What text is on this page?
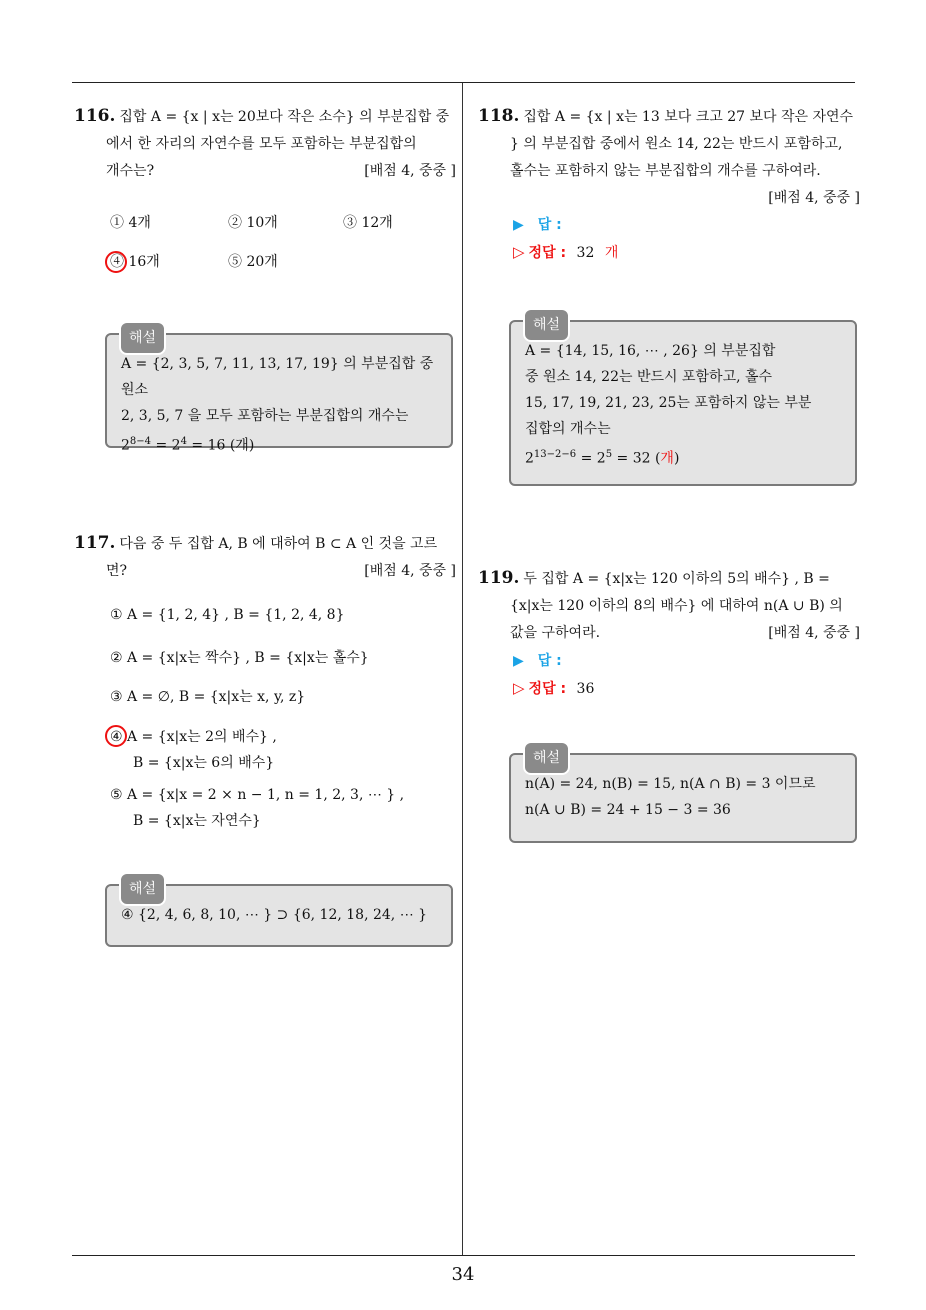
116. 집합 A = {x | x는 20보다 작은 소수} 의 부분집합 중
에서 한 자리의 자연수를 모두 포함하는 부분집합의
개수는?	[배점 4, 중중 ]
① 4개	② 10개	③ 12개
④ 16개	⑤ 20개
해설
A = {2, 3, 5, 7, 11, 13, 17, 19} 의 부분집합 중 원소
2, 3, 5, 7 을 모두 포함하는 부분집합의 개수는
$2^{8-4} = 2^4 = 16$ (개)
117. 다음 중 두 집합 A, B 에 대하여 B ⊂ A 인 것을 고르
면?	[배점 4, 중중 ]
① A = {1, 2, 4} , B = {1, 2, 4, 8}
② A = {x|x는 짝수} , B = {x|x는 홀수}
③ A = ∅, B = {x|x는 x, y, z}
④ A = {x|x는 2의 배수} ,
B = {x|x는 6의 배수}
⑤ A = {x|x = 2 × n − 1, n = 1, 2, 3, ⋯ } ,
B = {x|x는 자연수}
해설
④ {2, 4, 6, 8, 10, ⋯ } ⊃ {6, 12, 18, 24, ⋯ }
118. 집합 A = {x | x는 13 보다 크고 27 보다 작은 자연수
} 의 부분집합 중에서 원소 14, 22는 반드시 포함하고,
홀수는 포함하지 않는 부분집합의 개수를 구하여라.
[배점 4, 중중 ]
▶ 답 :
▷ 정답 : 32 개
해설
A = {14, 15, 16, ⋯ , 26} 의 부분집합
중 원소 14, 22는 반드시 포함하고, 홀수
15, 17, 19, 21, 23, 25는 포함하지 않는 부분
집합의 개수는
$2^{13-2-6} = 2^5 = 32$ (개)
119. 두 집합 A = {x|x는 120 이하의 5의 배수} , B =
{x|x는 120 이하의 8의 배수} 에 대하여 n(A ∪ B) 의
값을 구하여라.	[배점 4, 중중 ]
▶ 답 :
▷ 정답 : 36
해설
n(A) = 24, n(B) = 15, n(A ∩ B) = 3 이므로
n(A ∪ B) = 24 + 15 − 3 = 36
34
